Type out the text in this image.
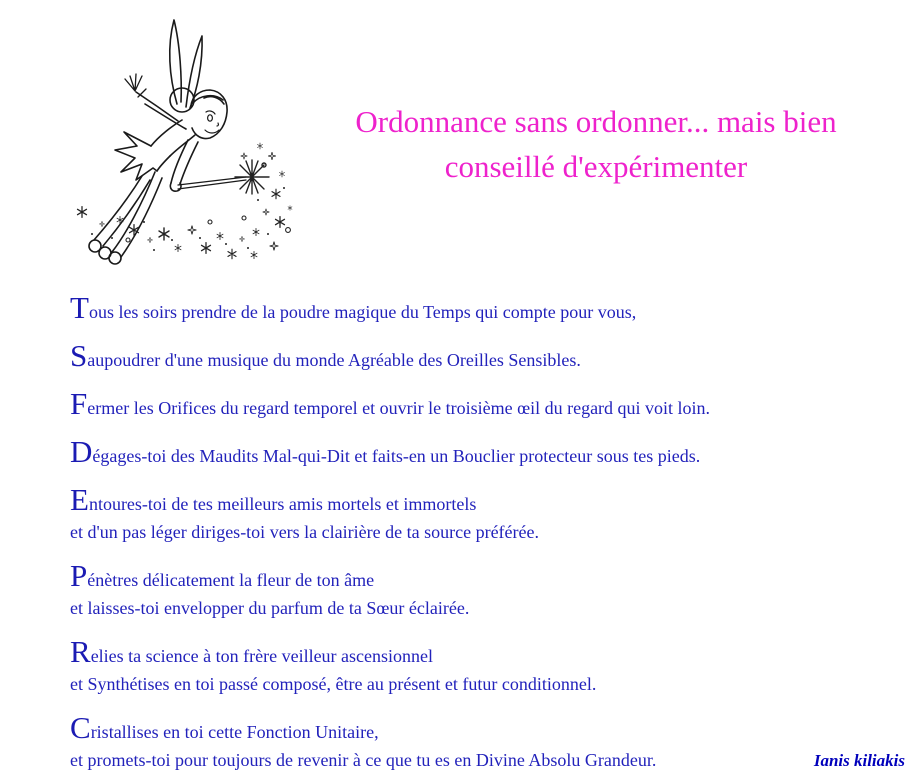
Ordonnance sans ordonner... mais bien
conseillé d'expérimenter

Tous les soirs prendre de la poudre magique du Temps qui compte pour vous,

Saupoudrer d'une musique du monde Agréable des Oreilles Sensibles.

Fermer les Orifices du regard temporel et ouvrir le troisième œil du regard qui voit loin.

Dégages-toi des Maudits Mal-qui-Dit et faits-en un Bouclier protecteur sous tes pieds.

Entoures-toi de tes meilleurs amis mortels et immortels
et d'un pas léger diriges-toi vers la clairière de ta source préférée.

Pénètres délicatement la fleur de ton âme
et laisses-toi envelopper du parfum de ta Sœur éclairée.

Relies ta science à ton frère veilleur ascensionnel
et Synthétises en toi passé composé, être au présent et futur conditionnel.

Cristallises en toi cette Fonction Unitaire,
et promets-toi pour toujours de revenir à ce que tu es en Divine Absolu Grandeur.	Ianis kiliakis
